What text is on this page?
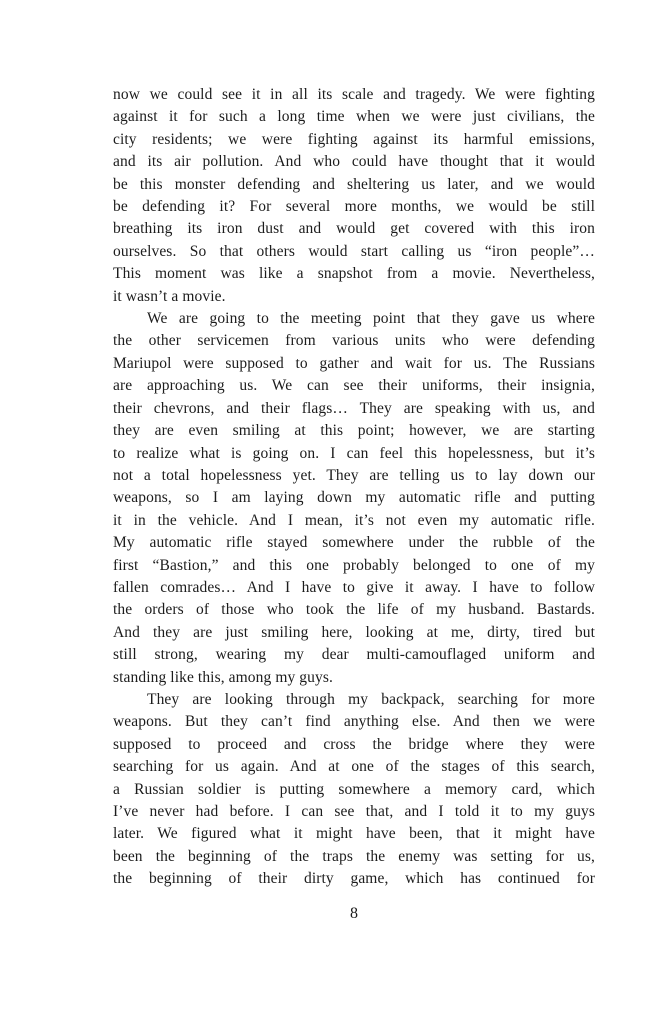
now we could see it in all its scale and tragedy. We were fighting
against it for such a long time when we were just civilians, the
city residents; we were fighting against its harmful emissions,
and its air pollution. And who could have thought that it would
be this monster defending and sheltering us later, and we would
be defending it? For several more months, we would be still
breathing its iron dust and would get covered with this iron
ourselves. So that others would start calling us “iron people”…
This moment was like a snapshot from a movie. Nevertheless,
it wasn’t a movie.
We are going to the meeting point that they gave us where
the other servicemen from various units who were defending
Mariupol were supposed to gather and wait for us. The Russians
are approaching us. We can see their uniforms, their insignia,
their chevrons, and their flags… They are speaking with us, and
they are even smiling at this point; however, we are starting
to realize what is going on. I can feel this hopelessness, but it’s
not a total hopelessness yet. They are telling us to lay down our
weapons, so I am laying down my automatic rifle and putting
it in the vehicle. And I mean, it’s not even my automatic rifle.
My automatic rifle stayed somewhere under the rubble of the
first “Bastion,” and this one probably belonged to one of my
fallen comrades… And I have to give it away. I have to follow
the orders of those who took the life of my husband. Bastards.
And they are just smiling here, looking at me, dirty, tired but
still strong, wearing my dear multi-camouflaged uniform and
standing like this, among my guys.
They are looking through my backpack, searching for more
weapons. But they can’t find anything else. And then we were
supposed to proceed and cross the bridge where they were
searching for us again. And at one of the stages of this search,
a Russian soldier is putting somewhere a memory card, which
I’ve never had before. I can see that, and I told it to my guys
later. We figured what it might have been, that it might have
been the beginning of the traps the enemy was setting for us,
the beginning of their dirty game, which has continued for
8
